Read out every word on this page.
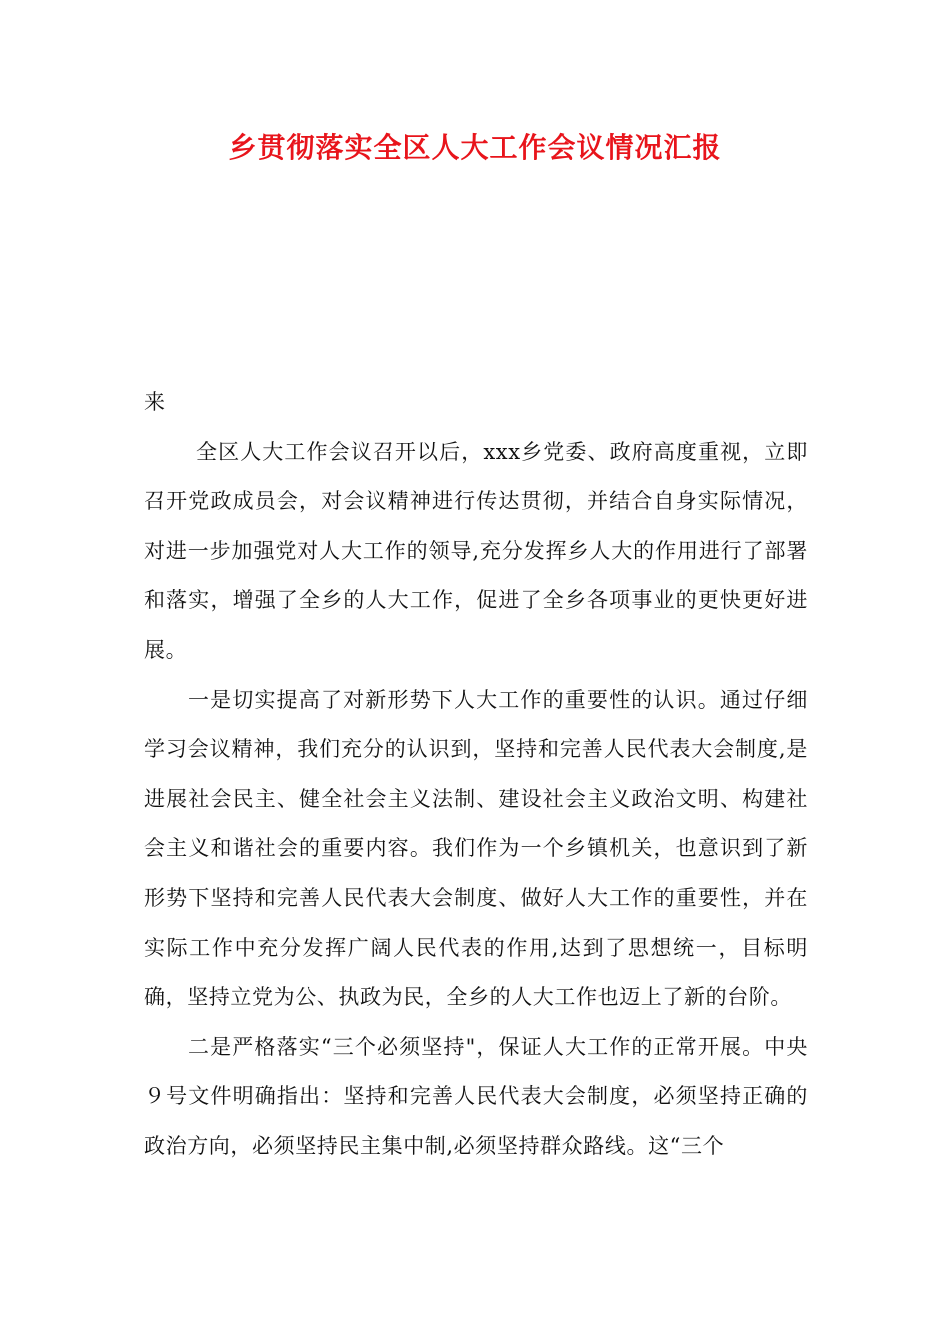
乡贯彻落实全区人大工作会议情况汇报

来

全区人大工作会议召开以后，xxx乡党委、政府高度重视，立即召开党政成员会，对会议精神进行传达贯彻，并结合自身实际情况，对进一步加强党对人大工作的领导,充分发挥乡人大的作用进行了部署和落实，增强了全乡的人大工作，促进了全乡各项事业的更快更好进展。

一是切实提高了对新形势下人大工作的重要性的认识。通过仔细学习会议精神，我们充分的认识到，坚持和完善人民代表大会制度,是进展社会民主、健全社会主义法制、建设社会主义政治文明、构建社会主义和谐社会的重要内容。我们作为一个乡镇机关，也意识到了新形势下坚持和完善人民代表大会制度、做好人大工作的重要性，并在实际工作中充分发挥广阔人民代表的作用,达到了思想统一，目标明确，坚持立党为公、执政为民，全乡的人大工作也迈上了新的台阶。

二是严格落实“三个必须坚持"，保证人大工作的正常开展。中央９号文件明确指出：坚持和完善人民代表大会制度，必须坚持正确的政治方向，必须坚持民主集中制,必须坚持群众路线。这“三个
